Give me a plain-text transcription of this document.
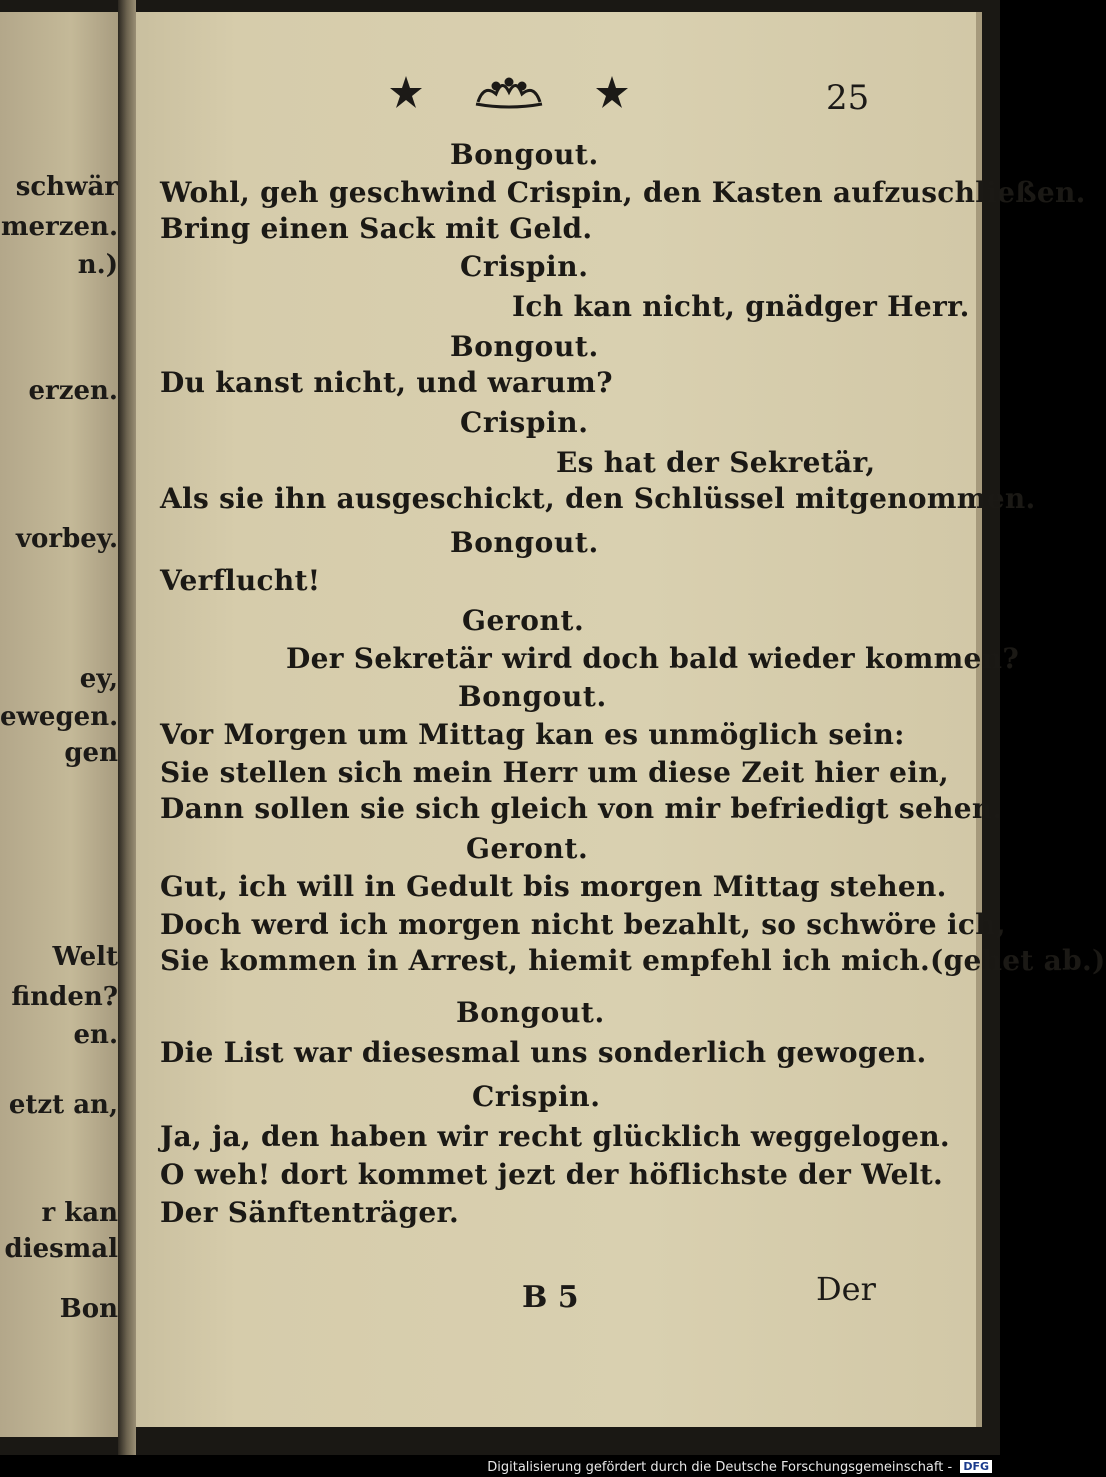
schwär
merzen.
n.)
erzen.
vorbey.
ey,
ewegen.
gen
Welt
finden?
en.
etzt an,
r kan
diesmal
Bon
25
Bongout.
Wohl, geh geschwind Crispin, den Kasten aufzuschließen.
Bring einen Sack mit Geld.
Crispin.
Ich kan nicht, gnädger Herr.
Bongout.
Du kanst nicht, und warum?
Crispin.
Es hat der Sekretär,
Als sie ihn ausgeschickt, den Schlüssel mitgenommen.
Bongout.
Verflucht!
Geront.
Der Sekretär wird doch bald wieder kommen?
Bongout.
Vor Morgen um Mittag kan es unmöglich sein:
Sie stellen sich mein Herr um diese Zeit hier ein,
Dann sollen sie sich gleich von mir befriedigt sehen.
Geront.
Gut, ich will in Gedult bis morgen Mittag stehen.
Doch werd ich morgen nicht bezahlt, so schwöre ich,
Sie kommen in Arrest, hiemit empfehl ich mich.(gehet ab.)
Bongout.
Die List war diesesmal uns sonderlich gewogen.
Crispin.
Ja, ja, den haben wir recht glücklich weggelogen.
O weh! dort kommet jezt der höflichste der Welt.
Der Sänftenträger.
B 5	Der
Digitalisierung gefördert durch die Deutsche Forschungsgemeinschaft - DFG
